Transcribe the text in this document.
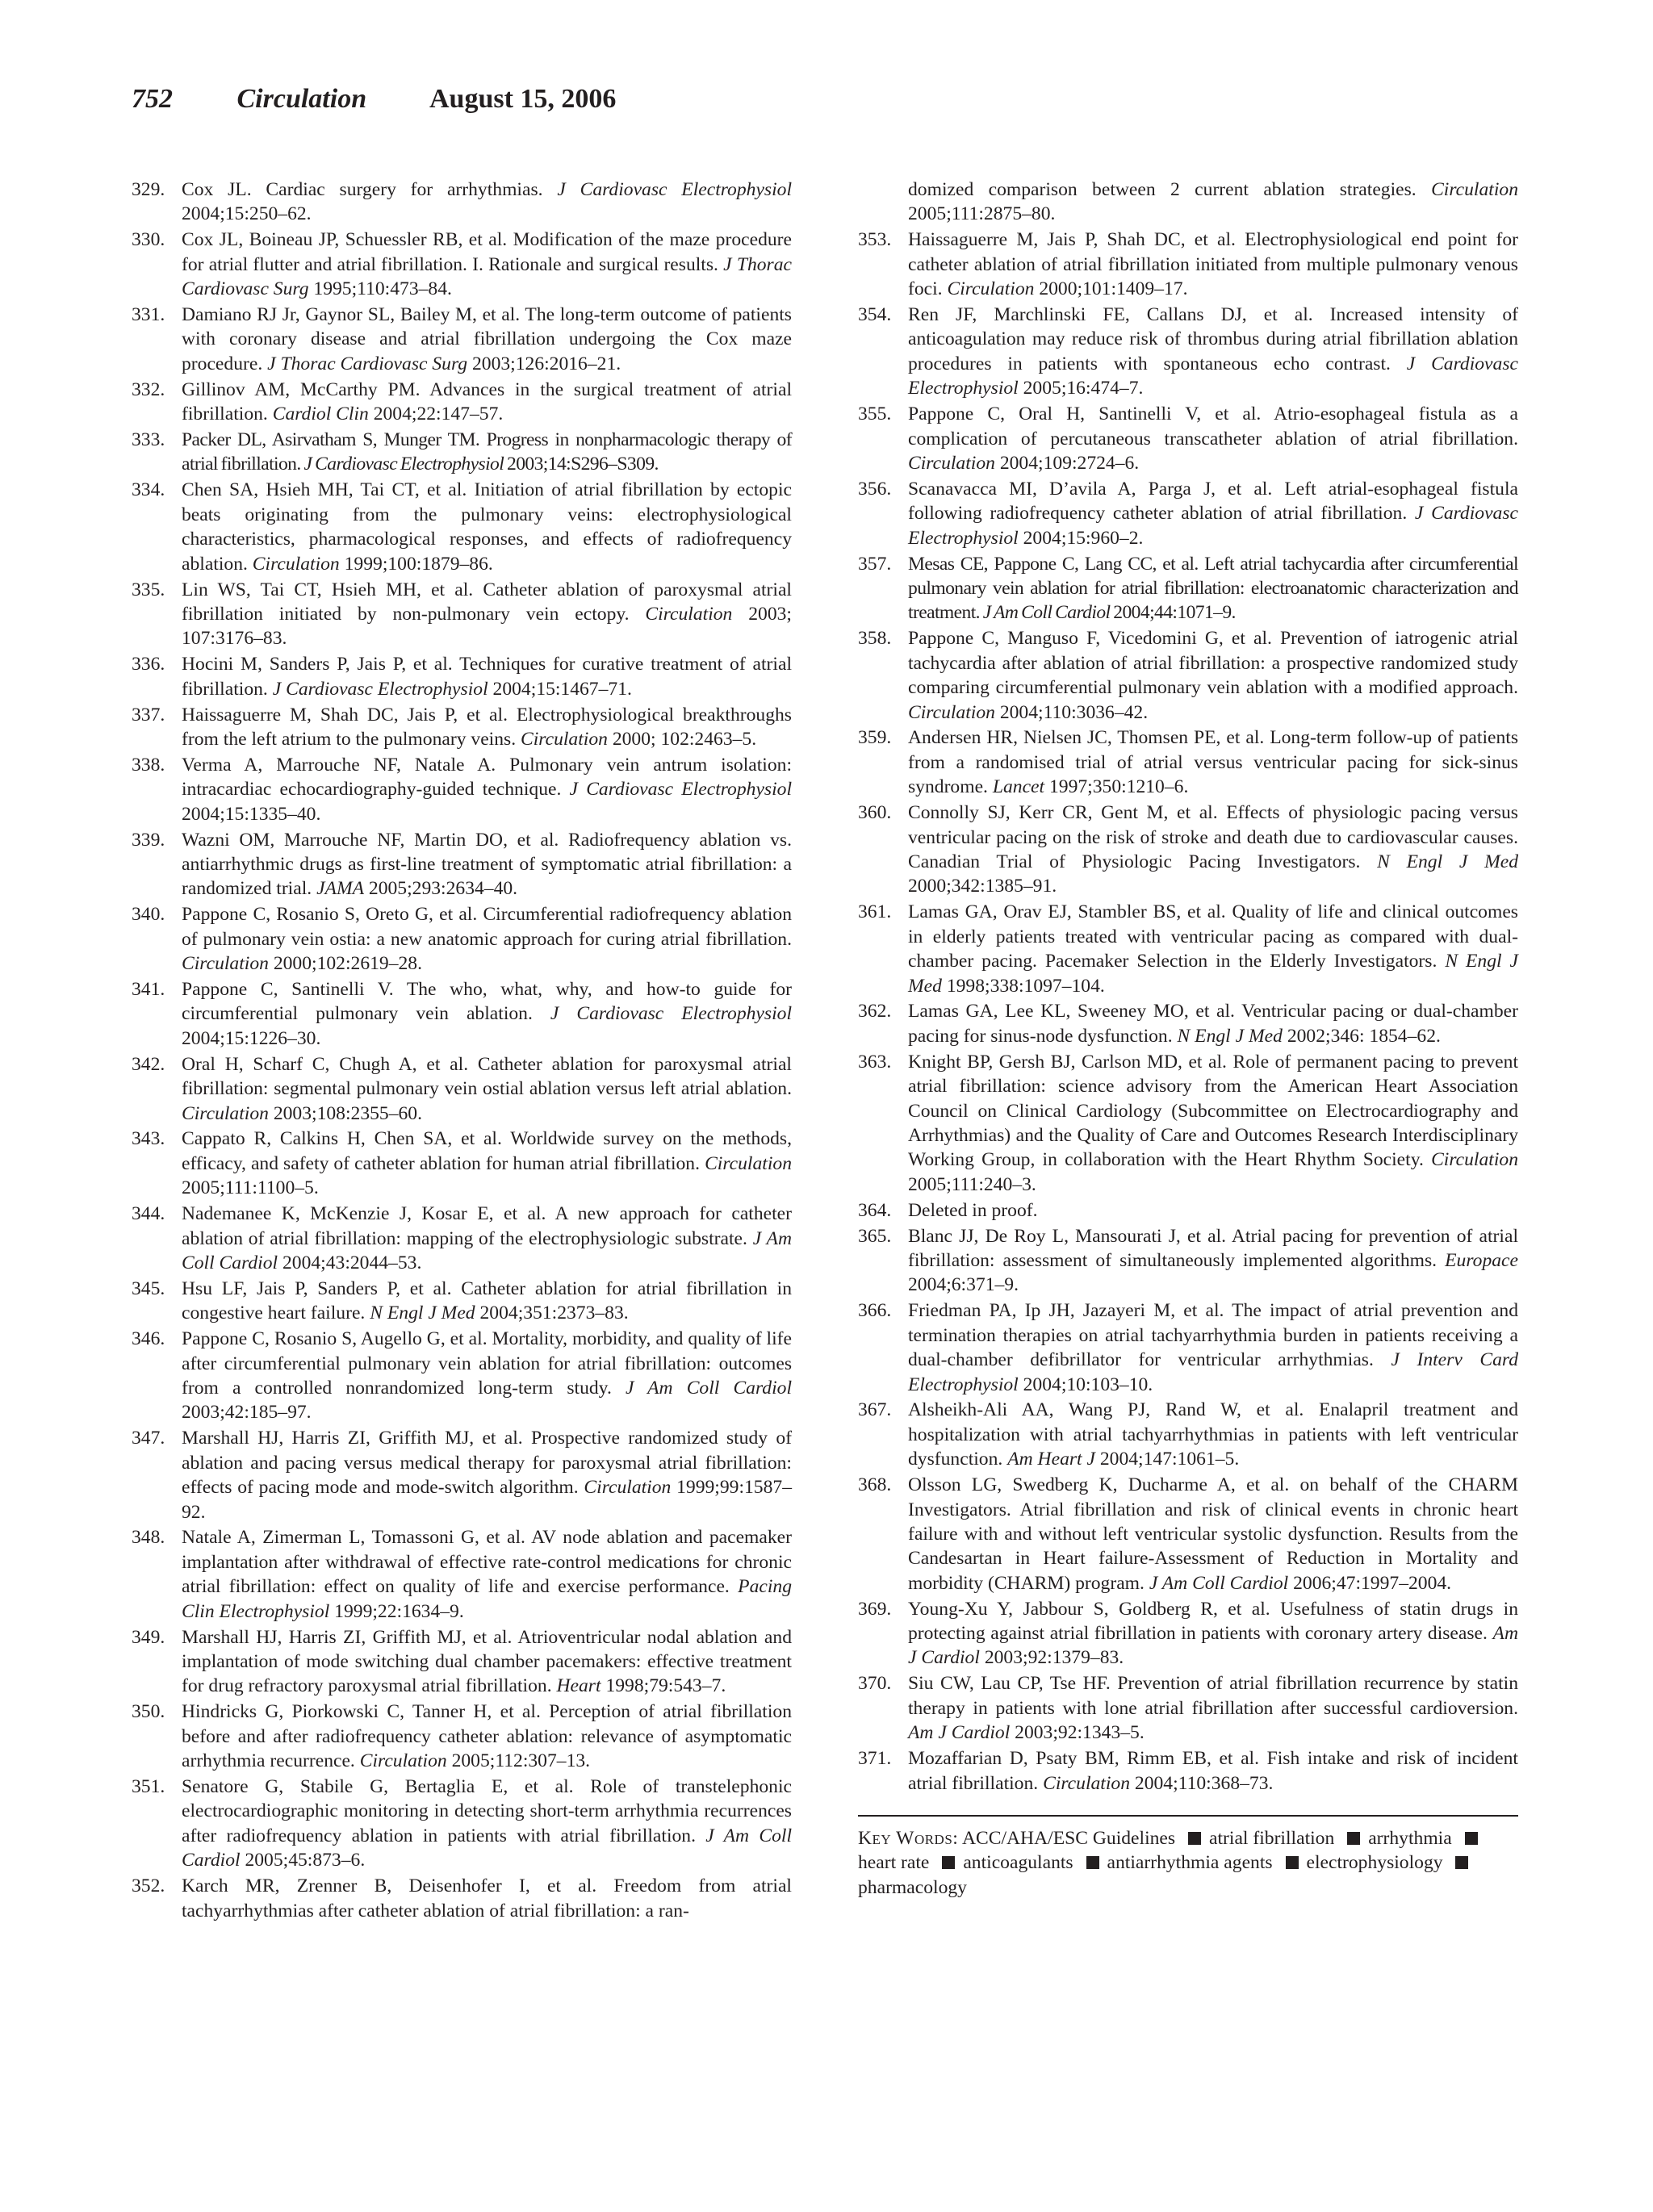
752 Circulation August 15, 2006
329. Cox JL. Cardiac surgery for arrhythmias. J Cardiovasc Electrophysiol 2004;15:250–62.
330. Cox JL, Boineau JP, Schuessler RB, et al. Modification of the maze procedure for atrial flutter and atrial fibrillation. I. Rationale and surgical results. J Thorac Cardiovasc Surg 1995;110:473–84.
331. Damiano RJ Jr, Gaynor SL, Bailey M, et al. The long-term outcome of patients with coronary disease and atrial fibrillation undergoing the Cox maze procedure. J Thorac Cardiovasc Surg 2003;126:2016–21.
332. Gillinov AM, McCarthy PM. Advances in the surgical treatment of atrial fibrillation. Cardiol Clin 2004;22:147–57.
333. Packer DL, Asirvatham S, Munger TM. Progress in nonpharmacologic therapy of atrial fibrillation. J Cardiovasc Electrophysiol 2003;14:S296–S309.
334. Chen SA, Hsieh MH, Tai CT, et al. Initiation of atrial fibrillation by ectopic beats originating from the pulmonary veins: electrophysiological characteristics, pharmacological responses, and effects of radiofrequency ablation. Circulation 1999;100:1879–86.
335. Lin WS, Tai CT, Hsieh MH, et al. Catheter ablation of paroxysmal atrial fibrillation initiated by non-pulmonary vein ectopy. Circulation 2003; 107:3176–83.
336. Hocini M, Sanders P, Jais P, et al. Techniques for curative treatment of atrial fibrillation. J Cardiovasc Electrophysiol 2004;15:1467–71.
337. Haissaguerre M, Shah DC, Jais P, et al. Electrophysiological breakthroughs from the left atrium to the pulmonary veins. Circulation 2000; 102:2463–5.
338. Verma A, Marrouche NF, Natale A. Pulmonary vein antrum isolation: intracardiac echocardiography-guided technique. J Cardiovasc Electrophysiol 2004;15:1335–40.
339. Wazni OM, Marrouche NF, Martin DO, et al. Radiofrequency ablation vs. antiarrhythmic drugs as first-line treatment of symptomatic atrial fibrillation: a randomized trial. JAMA 2005;293:2634–40.
340. Pappone C, Rosanio S, Oreto G, et al. Circumferential radiofrequency ablation of pulmonary vein ostia: a new anatomic approach for curing atrial fibrillation. Circulation 2000;102:2619–28.
341. Pappone C, Santinelli V. The who, what, why, and how-to guide for circumferential pulmonary vein ablation. J Cardiovasc Electrophysiol 2004;15:1226–30.
342. Oral H, Scharf C, Chugh A, et al. Catheter ablation for paroxysmal atrial fibrillation: segmental pulmonary vein ostial ablation versus left atrial ablation. Circulation 2003;108:2355–60.
343. Cappato R, Calkins H, Chen SA, et al. Worldwide survey on the methods, efficacy, and safety of catheter ablation for human atrial fibrillation. Circulation 2005;111:1100–5.
344. Nademanee K, McKenzie J, Kosar E, et al. A new approach for catheter ablation of atrial fibrillation: mapping of the electrophysiologic substrate. J Am Coll Cardiol 2004;43:2044–53.
345. Hsu LF, Jais P, Sanders P, et al. Catheter ablation for atrial fibrillation in congestive heart failure. N Engl J Med 2004;351:2373–83.
346. Pappone C, Rosanio S, Augello G, et al. Mortality, morbidity, and quality of life after circumferential pulmonary vein ablation for atrial fibrillation: outcomes from a controlled nonrandomized long-term study. J Am Coll Cardiol 2003;42:185–97.
347. Marshall HJ, Harris ZI, Griffith MJ, et al. Prospective randomized study of ablation and pacing versus medical therapy for paroxysmal atrial fibrillation: effects of pacing mode and mode-switch algorithm. Circulation 1999;99:1587–92.
348. Natale A, Zimerman L, Tomassoni G, et al. AV node ablation and pacemaker implantation after withdrawal of effective rate-control medications for chronic atrial fibrillation: effect on quality of life and exercise performance. Pacing Clin Electrophysiol 1999;22:1634–9.
349. Marshall HJ, Harris ZI, Griffith MJ, et al. Atrioventricular nodal ablation and implantation of mode switching dual chamber pacemakers: effective treatment for drug refractory paroxysmal atrial fibrillation. Heart 1998;79:543–7.
350. Hindricks G, Piorkowski C, Tanner H, et al. Perception of atrial fibrillation before and after radiofrequency catheter ablation: relevance of asymptomatic arrhythmia recurrence. Circulation 2005;112:307–13.
351. Senatore G, Stabile G, Bertaglia E, et al. Role of transtelephonic electrocardiographic monitoring in detecting short-term arrhythmia recurrences after radiofrequency ablation in patients with atrial fibrillation. J Am Coll Cardiol 2005;45:873–6.
352. Karch MR, Zrenner B, Deisenhofer I, et al. Freedom from atrial tachyarrhythmias after catheter ablation of atrial fibrillation: a ran-
domized comparison between 2 current ablation strategies. Circulation 2005;111:2875–80.
353. Haissaguerre M, Jais P, Shah DC, et al. Electrophysiological end point for catheter ablation of atrial fibrillation initiated from multiple pulmonary venous foci. Circulation 2000;101:1409–17.
354. Ren JF, Marchlinski FE, Callans DJ, et al. Increased intensity of anticoagulation may reduce risk of thrombus during atrial fibrillation ablation procedures in patients with spontaneous echo contrast. J Cardiovasc Electrophysiol 2005;16:474–7.
355. Pappone C, Oral H, Santinelli V, et al. Atrio-esophageal fistula as a complication of percutaneous transcatheter ablation of atrial fibrillation. Circulation 2004;109:2724–6.
356. Scanavacca MI, D’avila A, Parga J, et al. Left atrial-esophageal fistula following radiofrequency catheter ablation of atrial fibrillation. J Cardiovasc Electrophysiol 2004;15:960–2.
357. Mesas CE, Pappone C, Lang CC, et al. Left atrial tachycardia after circumferential pulmonary vein ablation for atrial fibrillation: electroanatomic characterization and treatment. J Am Coll Cardiol 2004;44:1071–9.
358. Pappone C, Manguso F, Vicedomini G, et al. Prevention of iatrogenic atrial tachycardia after ablation of atrial fibrillation: a prospective randomized study comparing circumferential pulmonary vein ablation with a modified approach. Circulation 2004;110:3036–42.
359. Andersen HR, Nielsen JC, Thomsen PE, et al. Long-term follow-up of patients from a randomised trial of atrial versus ventricular pacing for sick-sinus syndrome. Lancet 1997;350:1210–6.
360. Connolly SJ, Kerr CR, Gent M, et al. Effects of physiologic pacing versus ventricular pacing on the risk of stroke and death due to cardiovascular causes. Canadian Trial of Physiologic Pacing Investigators. N Engl J Med 2000;342:1385–91.
361. Lamas GA, Orav EJ, Stambler BS, et al. Quality of life and clinical outcomes in elderly patients treated with ventricular pacing as compared with dual-chamber pacing. Pacemaker Selection in the Elderly Investigators. N Engl J Med 1998;338:1097–104.
362. Lamas GA, Lee KL, Sweeney MO, et al. Ventricular pacing or dual-chamber pacing for sinus-node dysfunction. N Engl J Med 2002;346: 1854–62.
363. Knight BP, Gersh BJ, Carlson MD, et al. Role of permanent pacing to prevent atrial fibrillation: science advisory from the American Heart Association Council on Clinical Cardiology (Subcommittee on Electrocardiography and Arrhythmias) and the Quality of Care and Outcomes Research Interdisciplinary Working Group, in collaboration with the Heart Rhythm Society. Circulation 2005;111:240–3.
364. Deleted in proof.
365. Blanc JJ, De Roy L, Mansourati J, et al. Atrial pacing for prevention of atrial fibrillation: assessment of simultaneously implemented algorithms. Europace 2004;6:371–9.
366. Friedman PA, Ip JH, Jazayeri M, et al. The impact of atrial prevention and termination therapies on atrial tachyarrhythmia burden in patients receiving a dual-chamber defibrillator for ventricular arrhythmias. J Interv Card Electrophysiol 2004;10:103–10.
367. Alsheikh-Ali AA, Wang PJ, Rand W, et al. Enalapril treatment and hospitalization with atrial tachyarrhythmias in patients with left ventricular dysfunction. Am Heart J 2004;147:1061–5.
368. Olsson LG, Swedberg K, Ducharme A, et al. on behalf of the CHARM Investigators. Atrial fibrillation and risk of clinical events in chronic heart failure with and without left ventricular systolic dysfunction. Results from the Candesartan in Heart failure-Assessment of Reduction in Mortality and morbidity (CHARM) program. J Am Coll Cardiol 2006;47:1997–2004.
369. Young-Xu Y, Jabbour S, Goldberg R, et al. Usefulness of statin drugs in protecting against atrial fibrillation in patients with coronary artery disease. Am J Cardiol 2003;92:1379–83.
370. Siu CW, Lau CP, Tse HF. Prevention of atrial fibrillation recurrence by statin therapy in patients with lone atrial fibrillation after successful cardioversion. Am J Cardiol 2003;92:1343–5.
371. Mozaffarian D, Psaty BM, Rimm EB, et al. Fish intake and risk of incident atrial fibrillation. Circulation 2004;110:368–73.
Key Words: ACC/AHA/ESC Guidelines atrial fibrillation arrhythmia heart rate anticoagulants antiarrhythmia agents electrophysiology pharmacology
